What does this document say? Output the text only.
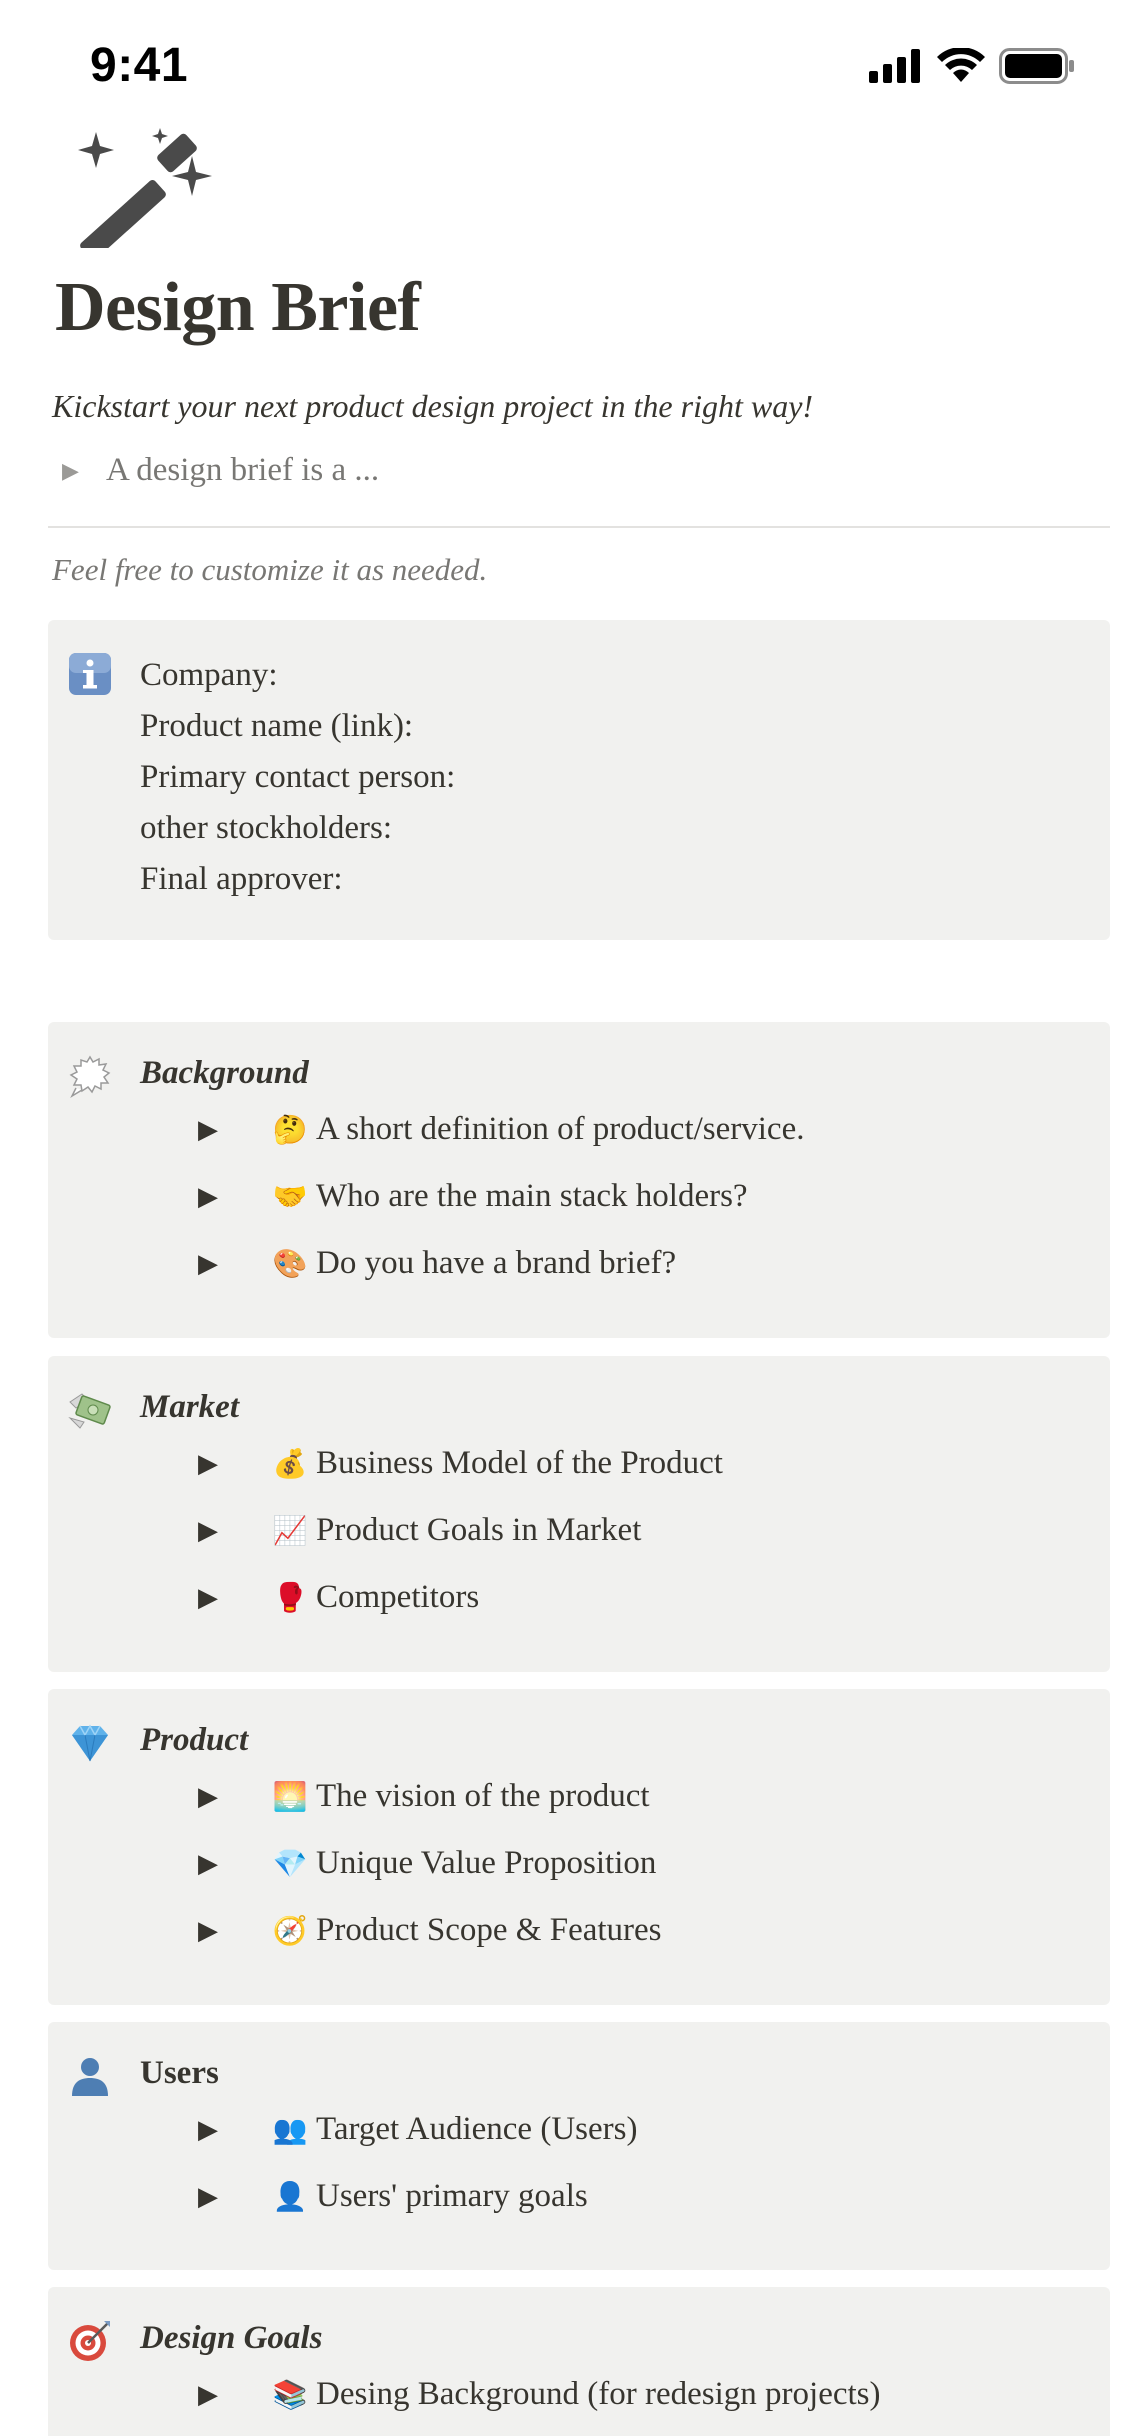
9:41
Design Brief
Kickstart your next product design project in the right way!
▶ A design brief is a ...
Feel free to customize it as needed.
Company:
Product name (link):
Primary contact person:
other stockholders:
Final approver:
Background
▶	🤔 A short definition of product/service.
▶	🤝 Who are the main stack holders?
▶	🎨 Do you have a brand brief?
Market
▶	💰 Business Model of the Product
▶	📈 Product Goals in Market
▶	🥊 Competitors
Product
▶	🌅 The vision of the product
▶	💎 Unique Value Proposition
▶	🧭 Product Scope & Features
Users
▶	👥 Target Audience (Users)
▶	👤 Users' primary goals
Design Goals
▶	📚 Desing Background (for redesign projects)
